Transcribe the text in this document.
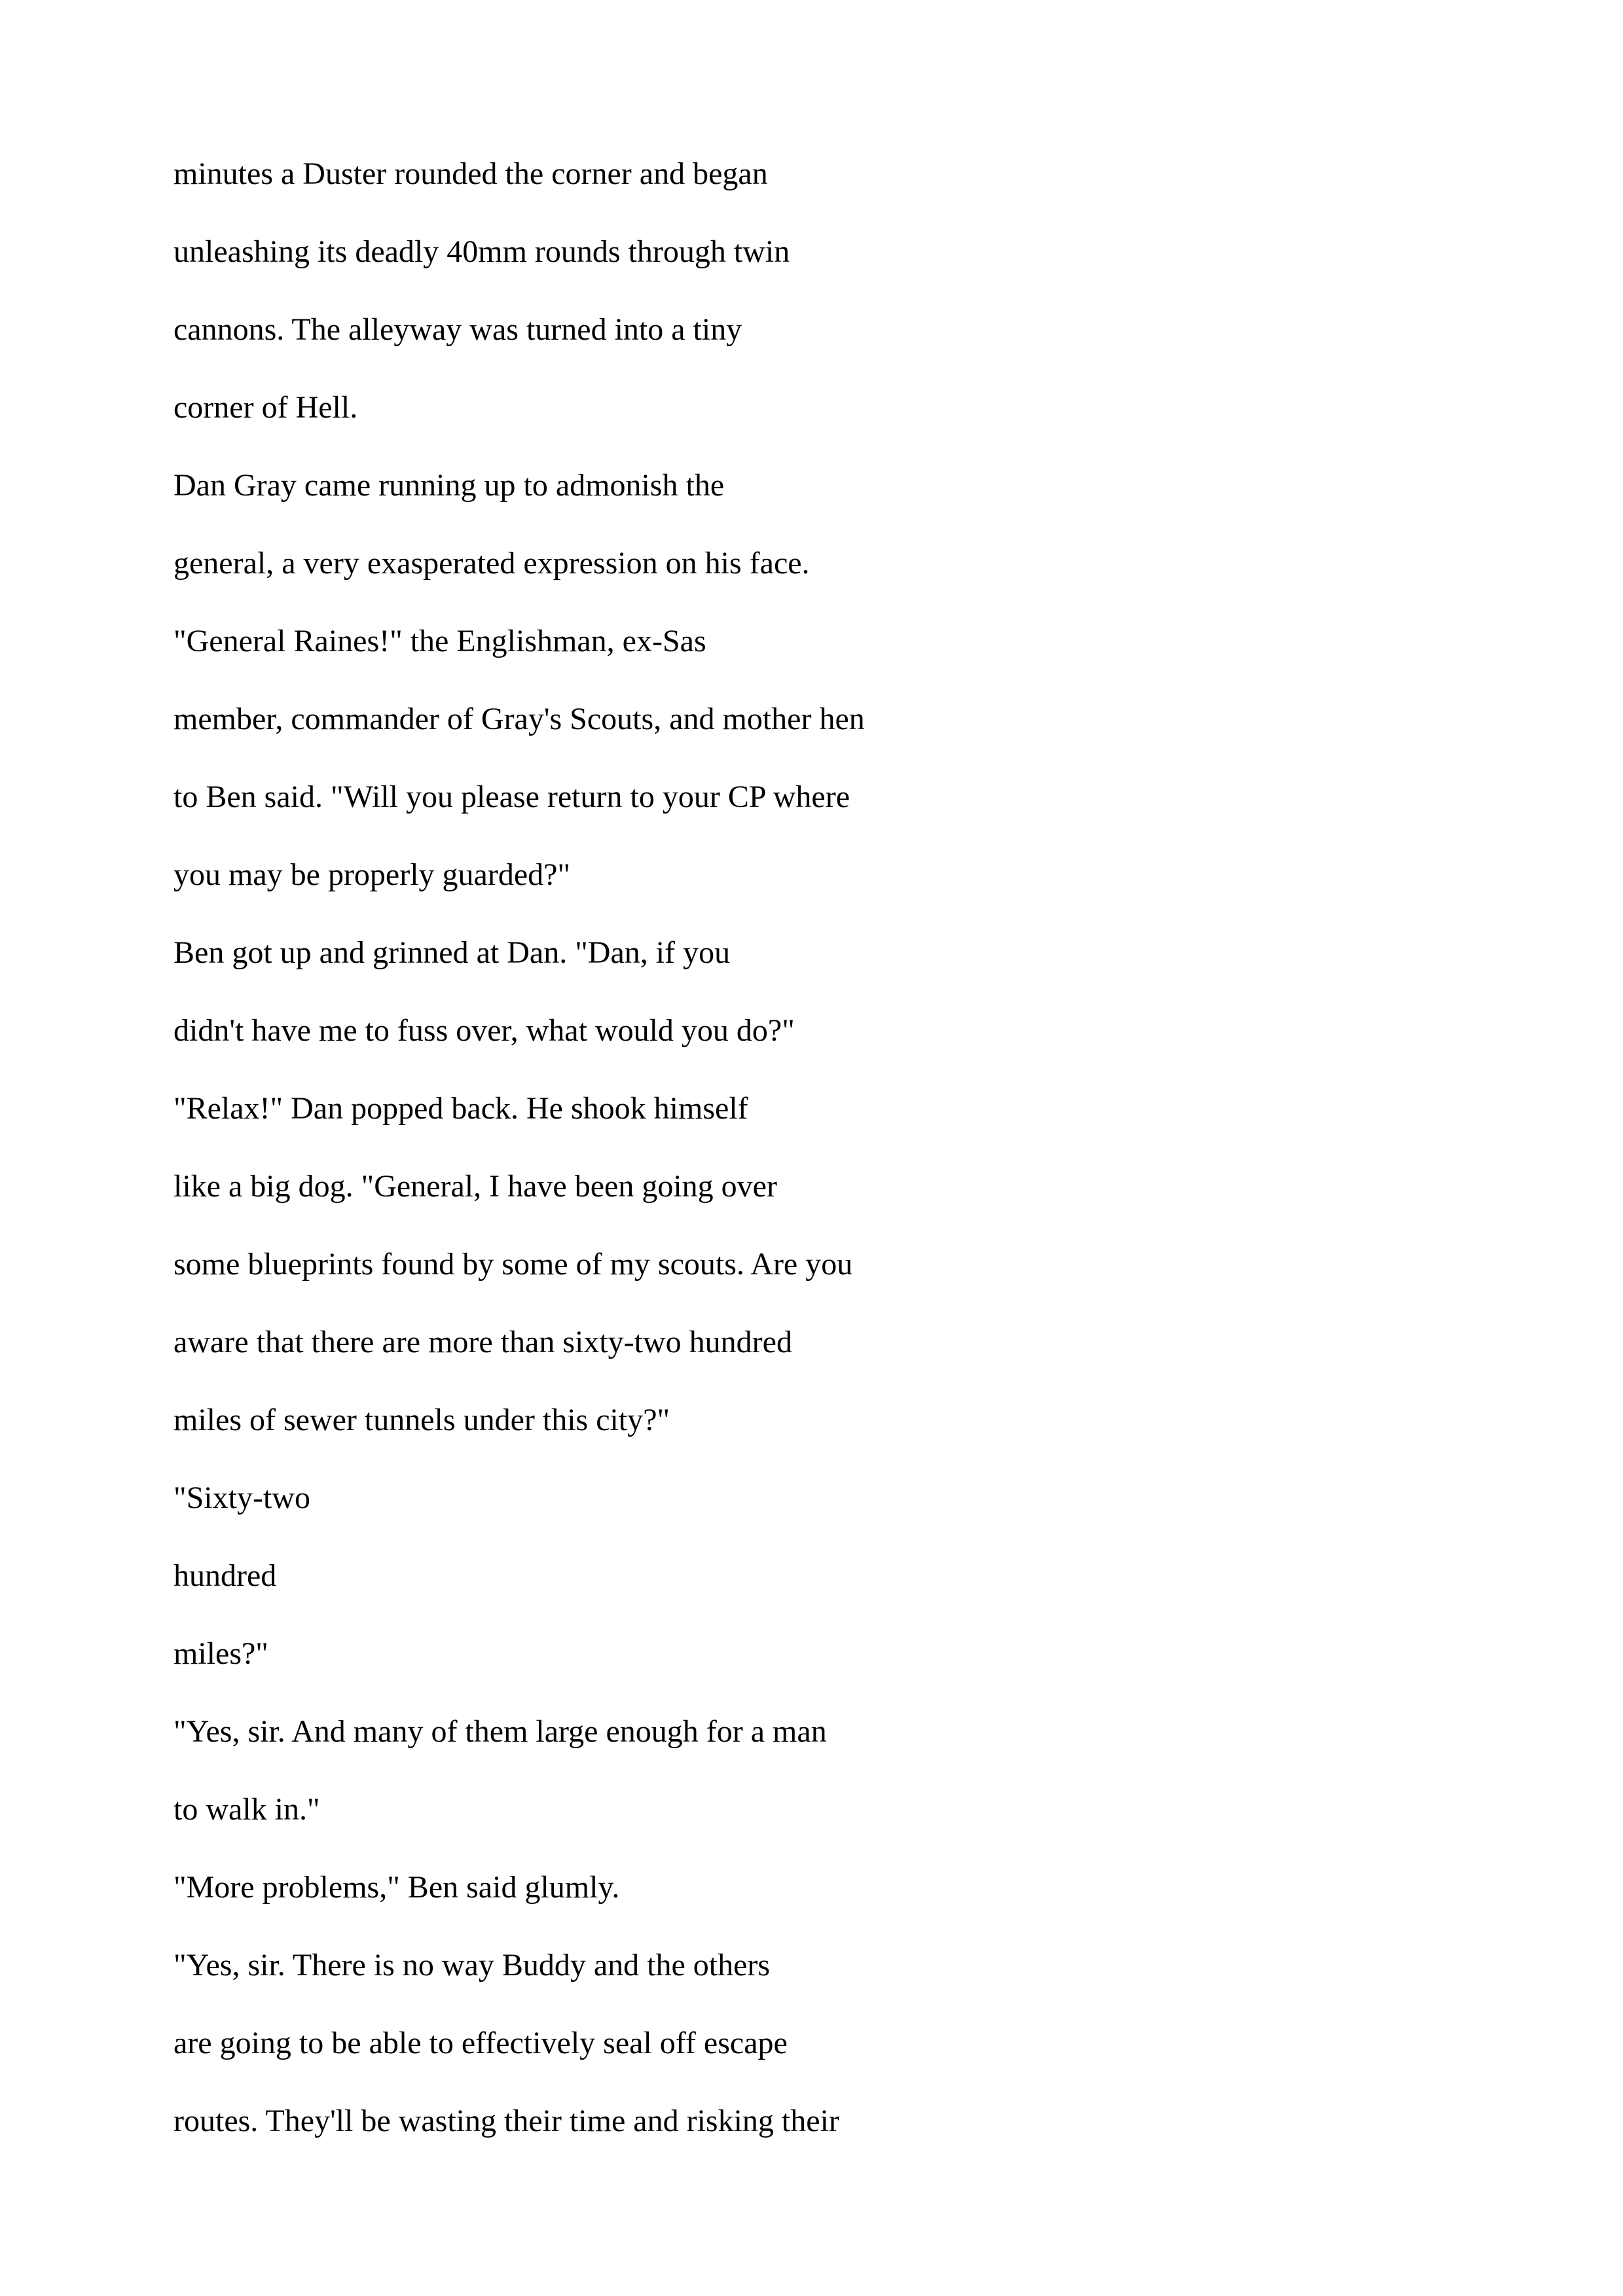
minutes a Duster rounded the corner and began
unleashing its deadly 40mm rounds through twin
cannons. The alleyway was turned into a tiny
corner of Hell.
Dan Gray came running up to admonish the
general, a very exasperated expression on his face.
"General Raines!" the Englishman, ex-Sas
member, commander of Gray's Scouts, and mother hen
to Ben said. "Will you please return to your CP where
you may be properly guarded?"
Ben got up and grinned at Dan. "Dan, if you
didn't have me to fuss over, what would you do?"
"Relax!" Dan popped back. He shook himself
like a big dog. "General, I have been going over
some blueprints found by some of my scouts. Are you
aware that there are more than sixty-two hundred
miles of sewer tunnels under this city?"
"Sixty-two
hundred
miles?"
"Yes, sir. And many of them large enough for a man
to walk in."
"More problems," Ben said glumly.
"Yes, sir. There is no way Buddy and the others
are going to be able to effectively seal off escape
routes. They'll be wasting their time and risking their
